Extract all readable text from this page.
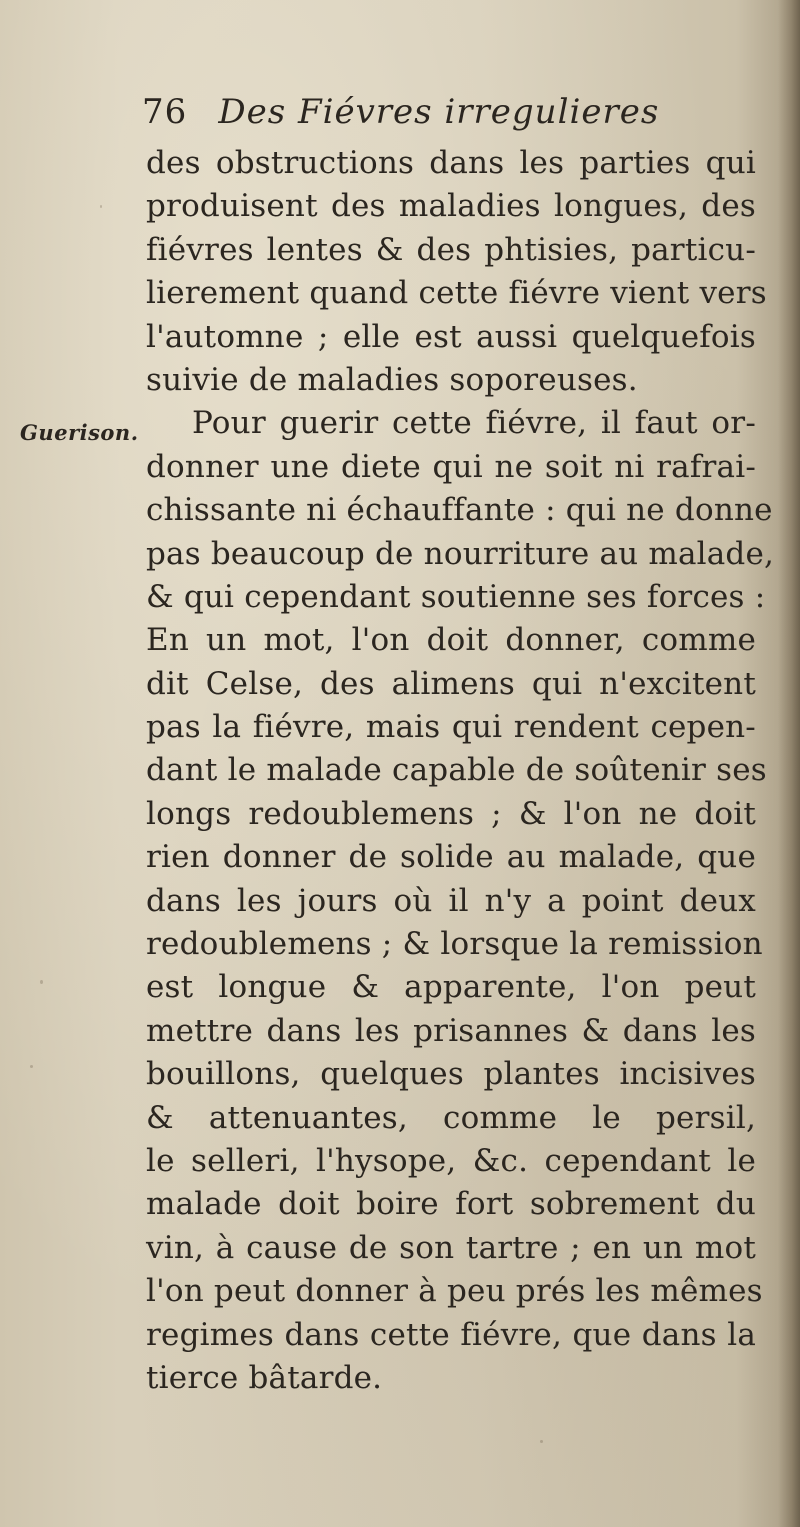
76 Des Fiévres irregulieres
Guerison.
des obstructions dans les parties qui
produisent des maladies longues, des
fiévres lentes & des phtisies, particu-
lierement quand cette fiévre vient vers
l'automne ; elle est aussi quelquefois
suivie de maladies soporeuses.
Pour guerir cette fiévre, il faut or-
donner une diete qui ne soit ni rafrai-
chissante ni échauffante : qui ne donne
pas beaucoup de nourriture au malade,
& qui cependant soutienne ses forces :
En un mot, l'on doit donner, comme
dit Celse, des alimens qui n'excitent
pas la fiévre, mais qui rendent cepen-
dant le malade capable de soûtenir ses
longs redoublemens ; & l'on ne doit
rien donner de solide au malade, que
dans les jours où il n'y a point deux
redoublemens ; & lorsque la remission
est longue & apparente, l'on peut
mettre dans les prisannes & dans les
bouillons, quelques plantes incisives
& attenuantes, comme le persil,
le selleri, l'hysope, &c. cependant le
malade doit boire fort sobrement du
vin, à cause de son tartre ; en un mot
l'on peut donner à peu prés les mêmes
regimes dans cette fiévre, que dans la
tierce bâtarde.
